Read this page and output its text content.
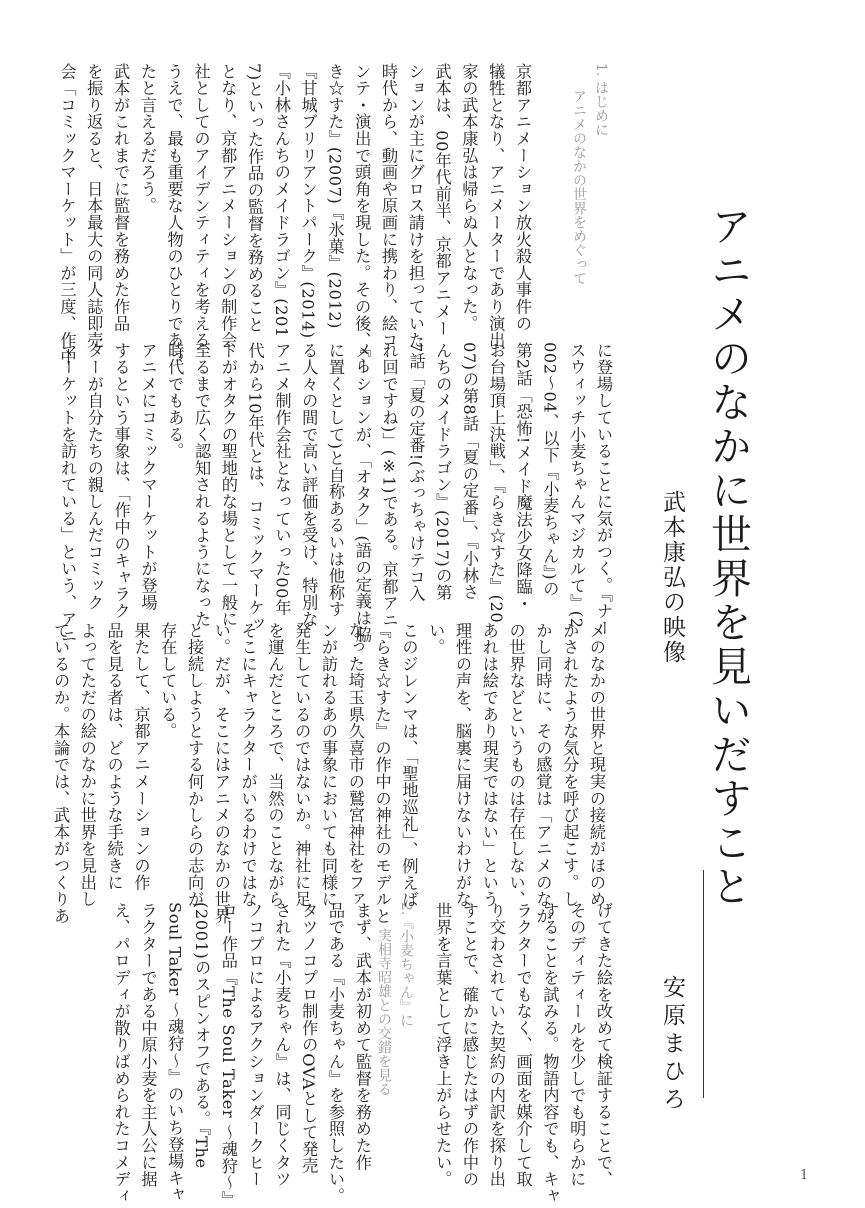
アニメのなかに世界を見いだすこと
武本康弘の映像
安原まひろ
1. はじめに
アニメのなかの世界をめぐって
2.『小麦ちゃん』に
実相寺昭雄との交錯を見る
京都アニメーション放火殺人事件の
犠牲となり、アニメーターであり演出
家の武本康弘は帰らぬ人となった。
武本は、00年代前半、京都アニメー
ションが主にグロス請けを担っていた
時代から、動画や原画に携わり、絵コ
ンテ・演出で頭角を現した。その後、『ら
き☆すた』(2007)『氷菓』(2012)
『甘城ブリリアントパーク』(2014)
『小林さんちのメイドラゴン』(201
7)といった作品の監督を務めること
となり、京都アニメーションの制作会
社としてのアイデンティティを考える
うえで、最も重要な人物のひとりであっ
たと言えるだろう。
武本がこれまでに監督を務めた作品
を振り返ると、日本最大の同人誌即売
会「コミックマーケット」が三度、作中
に登場していることに気がつく。『ナー
スウィッチ小麦ちゃんマジカルて』(2
002〜04、以下『小麦ちゃん』)の
第2話「恐怖!メイド魔法少女降臨・
お台場頂上決戦」、『らき☆すた』(20
07)の第8話「夏の定番」、『小林さ
んちのメイドラゴン』(2017)の第
7話「夏の定番!(ぶっちゃけテコ入
れ回ですね)」(※1)である。京都アニ
メーションが、「オタク」(語の定義は脇
に置くとして)と自称あるいは他称す
る人々の間で高い評価を受け、特別な
アニメ制作会社となっていった00年
代から10年代とは、コミックマーケッ
トがオタクの聖地的な場として一般に
至るまで広く認知されるようになった
時代でもある。
アニメにコミックマーケットが登場
するという事象は、「作中のキャラク
ターが自分たちの親しんだコミック
マーケットを訪れている」という、アニ
メのなかの世界と現実の接続がほのめ
かされたような気分を呼び起こす。し
かし同時に、その感覚は「アニメのなか
の世界などというものは存在しない、
あれは絵であり現実ではない」という
理性の声を、脳裏に届けないわけがな
い。
このジレンマは、「聖地巡礼」、例えば
『らき☆すた』の作中の神社のモデルと
なった埼玉県久喜市の鷲宮神社をファ
ンが訪れるあの事象においても同様に
発生しているのではないか。神社に足
を運んだところで、当然のことながら
そこにキャラクターがいるわけではな
い。だが、そこにはアニメのなかの世界
と接続しようとする何かしらの志向が
存在している。
果たして、京都アニメーションの作
品を見る者は、どのような手続きに
よってただの絵のなかに世界を見出し
ているのか。本論では、武本がつくりあ
げてきた絵を改めて検証することで、
そのディティールを少しでも明らかに
することを試みる。物語内容でも、キャ
ラクターでもなく、画面を媒介して取
り交わされていた契約の内訳を探り出
すことで、確かに感じたはずの作中の
世界を言葉として浮き上がらせたい。

まず、武本が初めて監督を務めた作
品である『小麦ちゃん』を参照したい。
タツノコプロ制作のOVAとして発売
された『小麦ちゃん』は、同じくタツ
ノコプロによるアクションダークヒー
ロー作品『The Soul Taker 〜魂狩〜』
(2001)のスピンオフである。『The
Soul Taker 〜魂狩〜』のいち登場キャ
ラクターである中原小麦を主人公に据
え、パロディが散りばめられたコメディ	1
